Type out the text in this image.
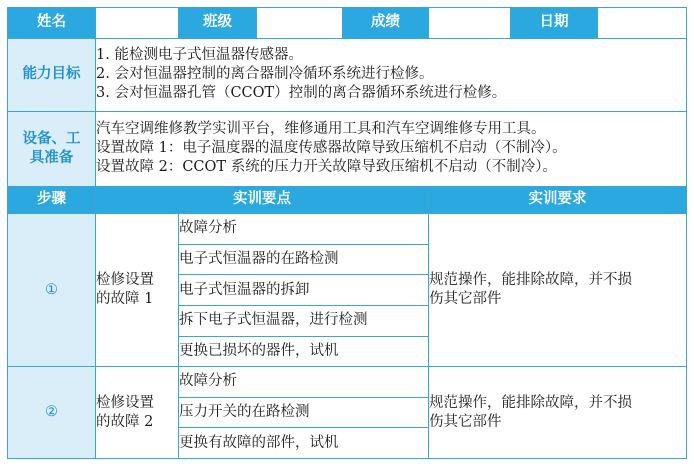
姓名		班级		成绩		日期	
能力目标	1. 能检测电子式恒温器传感器。
2. 会对恒温器控制的离合器制冷循环系统进行检修。
3. 会对恒温器孔管（CCOT）控制的离合器循环系统进行检修。						

设备、工
具准备	汽车空调维修教学实训平台，维修通用工具和汽车空调维修专用工具。
设置故障 1：电子温度器的温度传感器故障导致压缩机不启动（不制冷）。
设置故障 2：CCOT 系统的压力开关故障导致压缩机不启动（不制冷）。						

步骤	实训要点				实训要求		
①	检修设置
的故障 1	故障分析			规范操作，能排除故障，并不损
伤其它部件		

		电子式恒温器的在路检测					
		电子式恒温器的拆卸					
		拆下电子式恒温器，进行检测					
		更换已损坏的器件，试机					
②	检修设置
的故障 2	故障分析			规范操作，能排除故障，并不损
伤其它部件		

		压力开关的在路检测					
		更换有故障的部件，试机					
